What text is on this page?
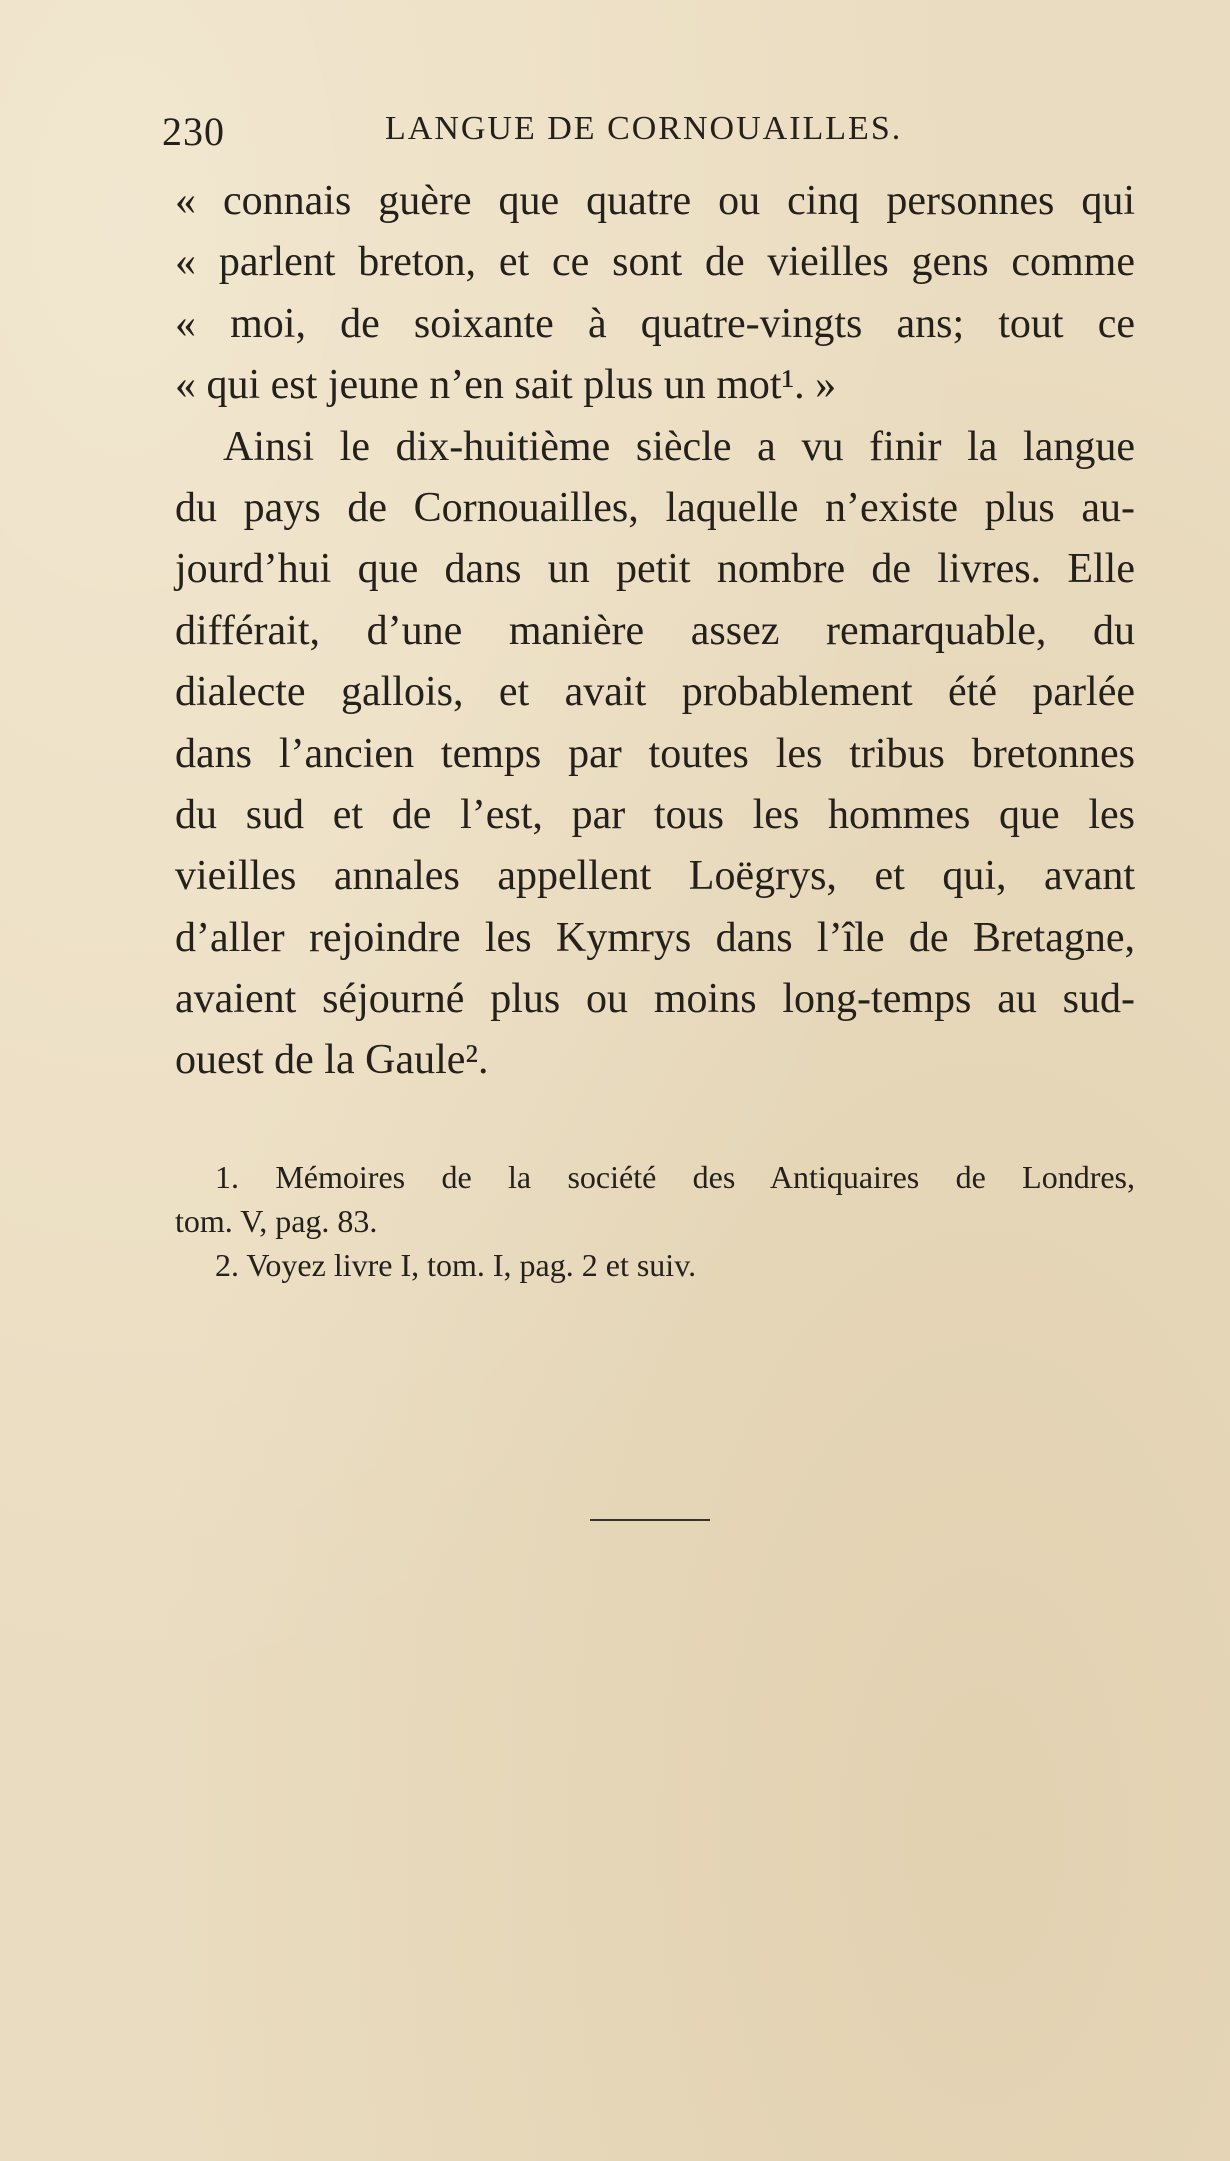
230	LANGUE DE CORNOUAILLES.
« connais guère que quatre ou cinq personnes qui
« parlent breton, et ce sont de vieilles gens comme
« moi, de soixante à quatre-vingts ans; tout ce
« qui est jeune n’en sait plus un mot¹. »
Ainsi le dix-huitième siècle a vu finir la langue
du pays de Cornouailles, laquelle n’existe plus au-
jourd’hui que dans un petit nombre de livres. Elle
différait, d’une manière assez remarquable, du
dialecte gallois, et avait probablement été parlée
dans l’ancien temps par toutes les tribus bretonnes
du sud et de l’est, par tous les hommes que les
vieilles annales appellent Loëgrys, et qui, avant
d’aller rejoindre les Kymrys dans l’île de Bretagne,
avaient séjourné plus ou moins long-temps au sud-
ouest de la Gaule².
1. Mémoires de la société des Antiquaires de Londres,
tom. V, pag. 83.
2. Voyez livre I, tom. I, pag. 2 et suiv.
